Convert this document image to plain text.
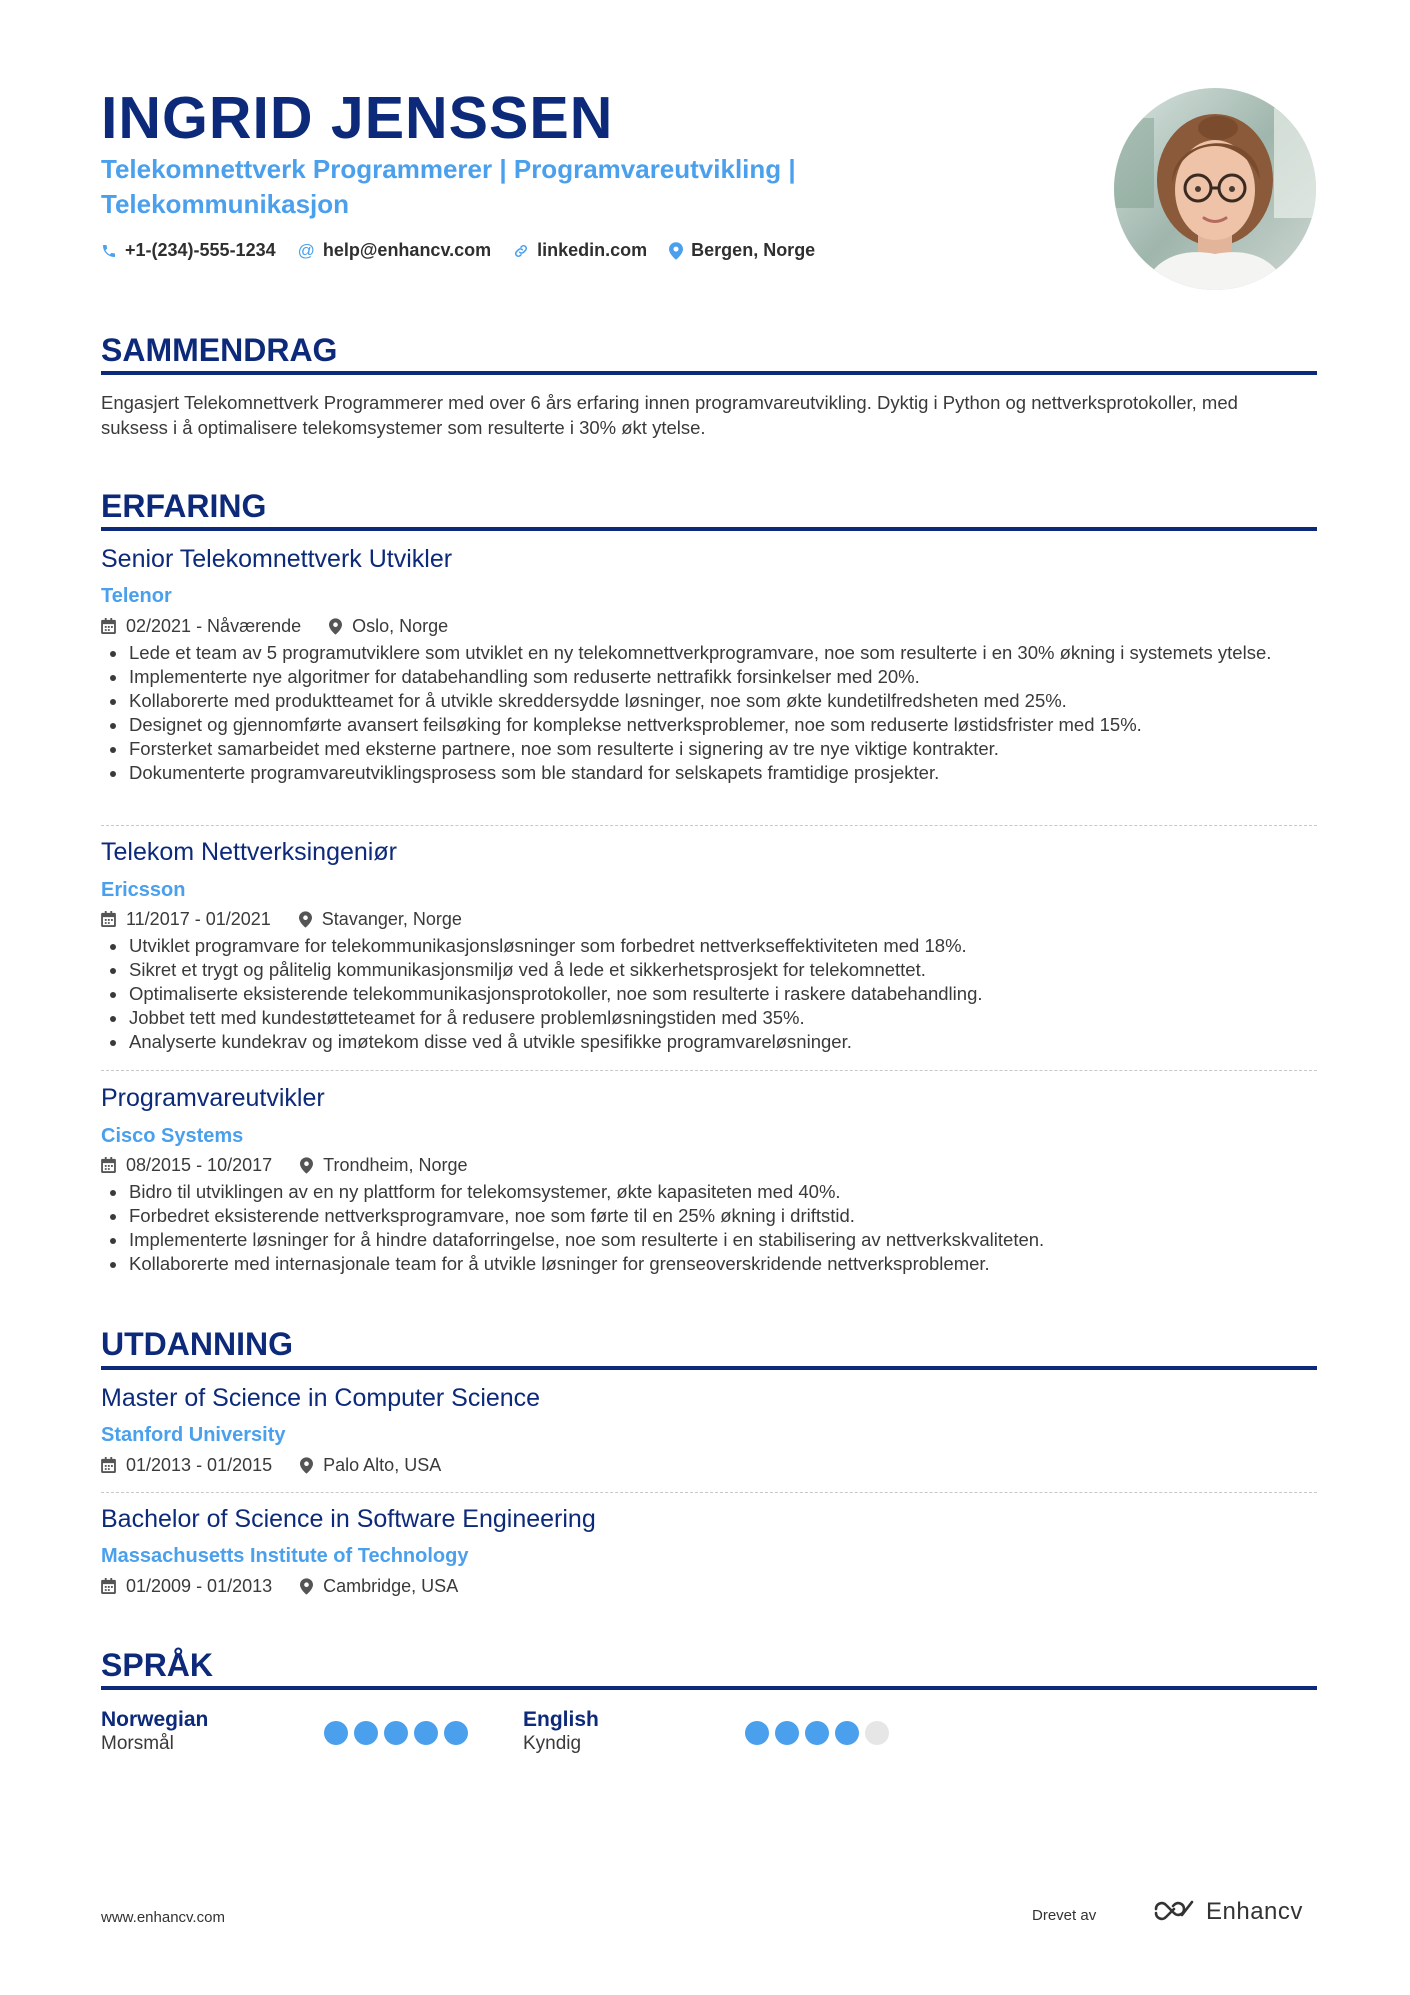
INGRID JENSSEN

Telekomnettverk Programmerer | Programvareutvikling | Telekommunikasjon

+1-(234)-555-1234 @ help@enhancv.com	linkedin.com Bergen, Norge
SAMMENDRAG

Engasjert Telekomnettverk Programmerer med over 6 års erfaring innen programvareutvikling. Dyktig i Python og nettverksprotokoller, med suksess i å optimalisere telekomsystemer som resulterte i 30% økt ytelse.

ERFARING
Senior Telekomnettverk Utvikler
Telenor
02/2021 - Nåværende	Oslo, Norge
Lede et team av 5 programutviklere som utviklet en ny telekomnettverkprogramvare, noe som resulterte i en 30% økning i systemets ytelse.
Implementerte nye algoritmer for databehandling som reduserte nettrafikk forsinkelser med 20%.
Kollaborerte med produktteamet for å utvikle skreddersydde løsninger, noe som økte kundetilfredsheten med 25%.
Designet og gjennomførte avansert feilsøking for komplekse nettverksproblemer, noe som reduserte løstidsfrister med 15%.
Forsterket samarbeidet med eksterne partnere, noe som resulterte i signering av tre nye viktige kontrakter.
Dokumenterte programvareutviklingsprosess som ble standard for selskapets framtidige prosjekter.
Telekom Nettverksingeniør
Ericsson
11/2017 - 01/2021	Stavanger, Norge
Utviklet programvare for telekommunikasjonsløsninger som forbedret nettverkseffektiviteten med 18%.
Sikret et trygt og pålitelig kommunikasjonsmiljø ved å lede et sikkerhetsprosjekt for telekomnettet.
Optimaliserte eksisterende telekommunikasjonsprotokoller, noe som resulterte i raskere databehandling.
Jobbet tett med kundestøtteteamet for å redusere problemløsningstiden med 35%.
Analyserte kundekrav og imøtekom disse ved å utvikle spesifikke programvareløsninger.
Programvareutvikler
Cisco Systems
08/2015 - 10/2017	Trondheim, Norge
Bidro til utviklingen av en ny plattform for telekomsystemer, økte kapasiteten med 40%.
Forbedret eksisterende nettverksprogramvare, noe som førte til en 25% økning i driftstid.
Implementerte løsninger for å hindre dataforringelse, noe som resulterte i en stabilisering av nettverkskvaliteten.
Kollaborerte med internasjonale team for å utvikle løsninger for grenseoverskridende nettverksproblemer.
UTDANNING
Master of Science in Computer Science
Stanford University
01/2013 - 01/2015	Palo Alto, USA
Bachelor of Science in Software Engineering
Massachusetts Institute of Technology
01/2009 - 01/2013	Cambridge, USA
SPRÅK
Norwegian
Morsmål
English
Kyndig
www.enhancv.com	Drevet av	Enhancv
